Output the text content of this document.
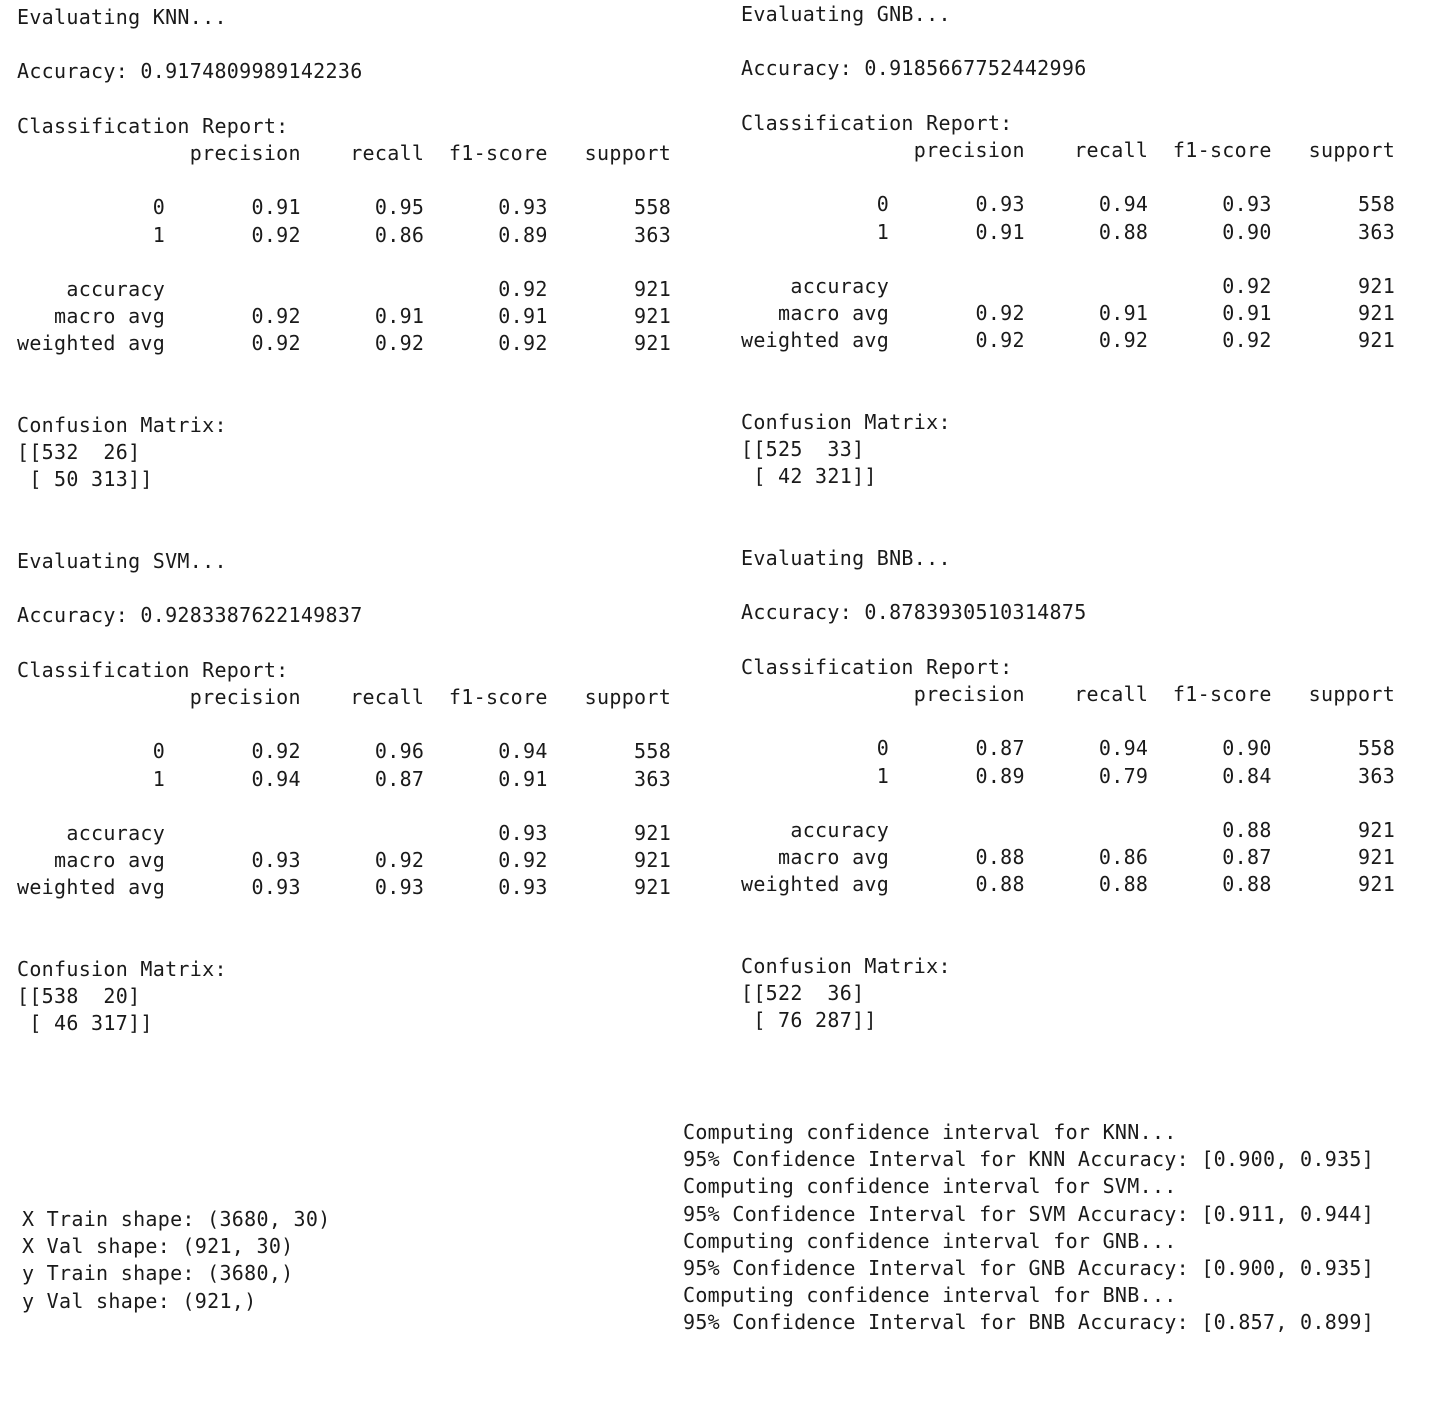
Evaluating KNN...

Accuracy: 0.9174809989142236

Classification Report:
precision    recall  f1-score   support

0       0.91      0.95      0.93       558
1       0.92      0.86      0.89       363

accuracy                           0.92       921
macro avg       0.92      0.91      0.91       921
weighted avg       0.92      0.92      0.92       921

Confusion Matrix:
[[532  26]
[ 50 313]]
Evaluating GNB...

Accuracy: 0.9185667752442996

Classification Report:
precision    recall  f1-score   support

0       0.93      0.94      0.93       558
1       0.91      0.88      0.90       363

accuracy                           0.92       921
macro avg       0.92      0.91      0.91       921
weighted avg       0.92      0.92      0.92       921

Confusion Matrix:
[[525  33]
[ 42 321]]
Evaluating SVM...

Accuracy: 0.9283387622149837

Classification Report:
precision    recall  f1-score   support

0       0.92      0.96      0.94       558
1       0.94      0.87      0.91       363

accuracy                           0.93       921
macro avg       0.93      0.92      0.92       921
weighted avg       0.93      0.93      0.93       921

Confusion Matrix:
[[538  20]
[ 46 317]]
Evaluating BNB...

Accuracy: 0.8783930510314875

Classification Report:
precision    recall  f1-score   support

0       0.87      0.94      0.90       558
1       0.89      0.79      0.84       363

accuracy                           0.88       921
macro avg       0.88      0.86      0.87       921
weighted avg       0.88      0.88      0.88       921

Confusion Matrix:
[[522  36]
[ 76 287]]
X Train shape: (3680, 30)
X Val shape: (921, 30)
y Train shape: (3680,)
y Val shape: (921,)
Computing confidence interval for KNN...
95% Confidence Interval for KNN Accuracy: [0.900, 0.935]
Computing confidence interval for SVM...
95% Confidence Interval for SVM Accuracy: [0.911, 0.944]
Computing confidence interval for GNB...
95% Confidence Interval for GNB Accuracy: [0.900, 0.935]
Computing confidence interval for BNB...
95% Confidence Interval for BNB Accuracy: [0.857, 0.899]
